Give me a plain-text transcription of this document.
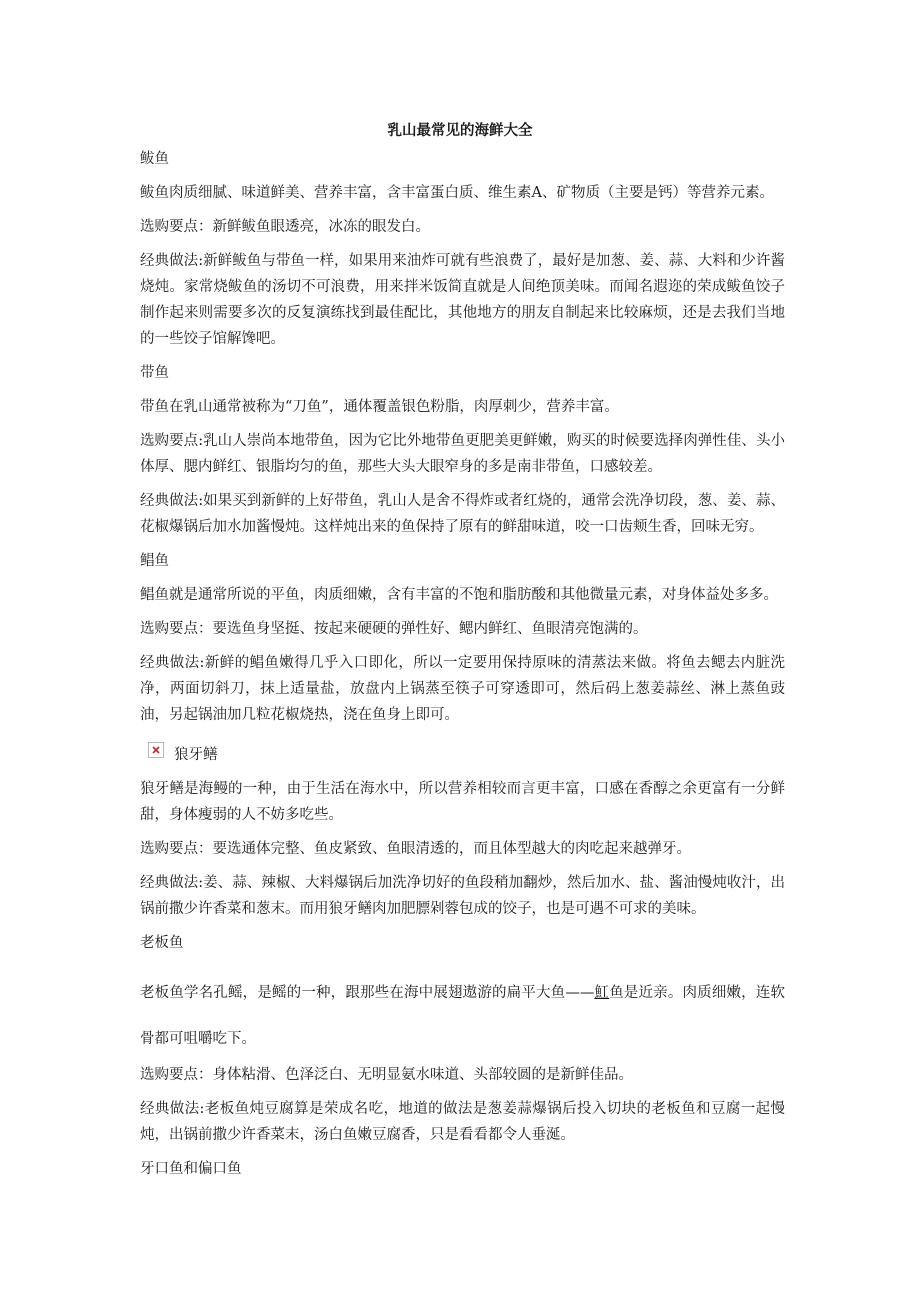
乳山最常见的海鲜大全

鲅鱼

鲅鱼肉质细腻、味道鲜美、营养丰富，含丰富蛋白质、维生素A、矿物质（主要是钙）等营养元素。

选购要点：新鲜鲅鱼眼透亮，冰冻的眼发白。

经典做法:新鲜鲅鱼与带鱼一样，如果用来油炸可就有些浪费了，最好是加葱、姜、蒜、大料和少许酱烧炖。家常烧鲅鱼的汤切不可浪费，用来拌米饭简直就是人间绝顶美味。而闻名遐迩的荣成鲅鱼饺子制作起来则需要多次的反复演练找到最佳配比，其他地方的朋友自制起来比较麻烦，还是去我们当地的一些饺子馆解馋吧。

带鱼

带鱼在乳山通常被称为“刀鱼”，通体覆盖银色粉脂，肉厚刺少，营养丰富。

选购要点:乳山人崇尚本地带鱼，因为它比外地带鱼更肥美更鲜嫩，购买的时候要选择肉弹性佳、头小体厚、腮内鲜红、银脂均匀的鱼，那些大头大眼窄身的多是南非带鱼，口感较差。

经典做法:如果买到新鲜的上好带鱼，乳山人是舍不得炸或者红烧的，通常会洗净切段，葱、姜、蒜、花椒爆锅后加水加酱慢炖。这样炖出来的鱼保持了原有的鲜甜味道，咬一口齿颊生香，回味无穷。

鲳鱼

鲳鱼就是通常所说的平鱼，肉质细嫩，含有丰富的不饱和脂肪酸和其他微量元素，对身体益处多多。

选购要点：要选鱼身坚挺、按起来硬硬的弹性好、鳃内鲜红、鱼眼清亮饱满的。

经典做法:新鲜的鲳鱼嫩得几乎入口即化，所以一定要用保持原味的清蒸法来做。将鱼去鳃去内脏洗净，两面切斜刀，抹上适量盐，放盘内上锅蒸至筷子可穿透即可，然后码上葱姜蒜丝、淋上蒸鱼豉油，另起锅油加几粒花椒烧热，浇在鱼身上即可。

狼牙鳝

狼牙鳝是海鳗的一种，由于生活在海水中，所以营养相较而言更丰富，口感在香醇之余更富有一分鲜甜，身体瘦弱的人不妨多吃些。

选购要点：要选通体完整、鱼皮紧致、鱼眼清透的，而且体型越大的肉吃起来越弹牙。

经典做法:姜、蒜、辣椒、大料爆锅后加洗净切好的鱼段稍加翻炒，然后加水、盐、酱油慢炖收汁，出锅前撒少许香菜和葱末。而用狼牙鳝肉加肥膘剁蓉包成的饺子，也是可遇不可求的美味。

老板鱼

老板鱼学名孔鳐，是鳐的一种，跟那些在海中展翅遨游的扁平大鱼——魟鱼是近亲。肉质细嫩，连软骨都可咀嚼吃下。

选购要点：身体粘滑、色泽泛白、无明显氨水味道、头部较圆的是新鲜佳品。

经典做法:老板鱼炖豆腐算是荣成名吃，地道的做法是葱姜蒜爆锅后投入切块的老板鱼和豆腐一起慢炖，出锅前撒少许香菜末，汤白鱼嫩豆腐香，只是看看都令人垂涎。

牙口鱼和偏口鱼
